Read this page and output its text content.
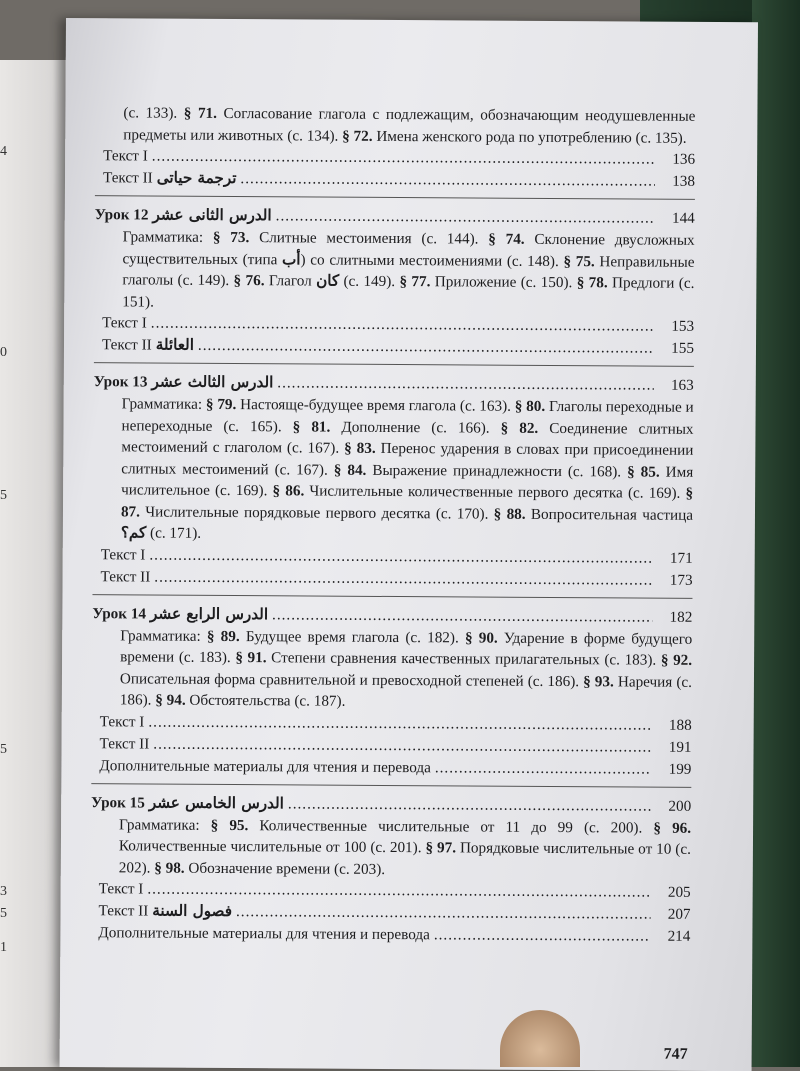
4
0
5
5
3
5
1
(с. 133). § 71. Согласование глагола с подлежащим, обозначающим неодушевленные предметы или животных (с. 134). § 72. Имена женского рода по употреблению (с. 135).
Текст I .....	136
Текст II ترجمة حياتى .....	138
Урок 12 الدرس الثانى عشر .....	144
Грамматика: § 73. Слитные местоимения (с. 144). § 74. Склонение двусложных существительных (типа أب) со слитными местоимениями (с. 148). § 75. Неправильные глаголы (с. 149). § 76. Глагол كان (с. 149). § 77. Приложение (с. 150). § 78. Предлоги (с. 151).
Текст I .....	153
Текст II العائلة .....	155
Урок 13 الدرس الثالث عشر .....	163
Грамматика: § 79. Настояще-будущее время глагола (с. 163). § 80. Глаголы переходные и непереходные (с. 165). § 81. Дополнение (с. 166). § 82. Соединение слитных местоимений с глаголом (с. 167). § 83. Перенос ударения в словах при присоединении слитных местоимений (с. 167). § 84. Выражение принадлежности (с. 168). § 85. Имя числительное (с. 169). § 86. Числительные количественные первого десятка (с. 169). § 87. Числительные порядковые первого десятка (с. 170). § 88. Вопросительная частица كم؟ (с. 171).
Текст I .....	171
Текст II .....	173
Урок 14 الدرس الرابع عشر .....	182
Грамматика: § 89. Будущее время глагола (с. 182). § 90. Ударение в форме будущего времени (с. 183). § 91. Степени сравнения качественных прилагательных (с. 183). § 92. Описательная форма сравнительной и превосходной степеней (с. 186). § 93. Наречия (с. 186). § 94. Обстоятельства (с. 187).
Текст I .....	188
Текст II .....	191
Дополнительные материалы для чтения и перевода .....	199
Урок 15 الدرس الخامس عشر .....	200
Грамматика: § 95. Количественные числительные от 11 до 99 (с. 200). § 96. Количественные числительные от 100 (с. 201). § 97. Порядковые числительные от 10 (с. 202). § 98. Обозначение времени (с. 203).
Текст I .....	205
Текст II فصول السنة .....	207
Дополнительные материалы для чтения и перевода .....	214
747
